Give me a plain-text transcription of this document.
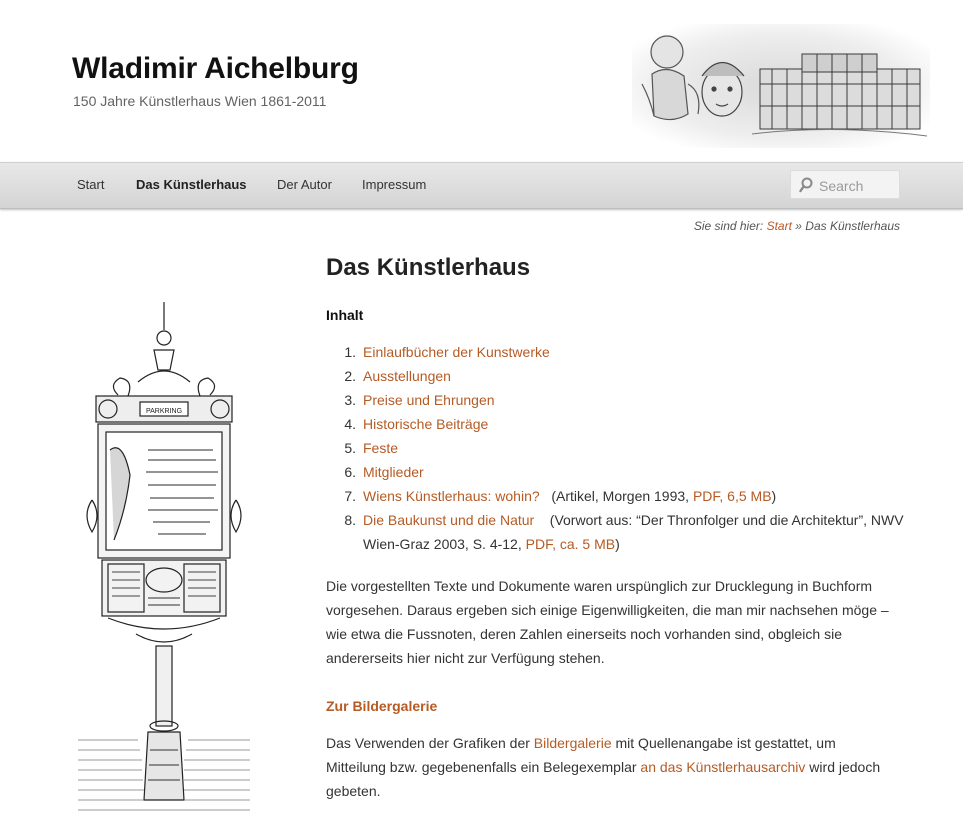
Wladimir Aichelburg
150 Jahre Künstlerhaus Wien 1861-2011
Start Das Künstlerhaus Der Autor Impressum
Search
Sie sind hier: Start » Das Künstlerhaus
PARKRING
Das Künstlerhaus
Inhalt
1. Einlaufbücher der Kunstwerke
2. Ausstellungen
3. Preise und Ehrungen
4. Historische Beiträge
5. Feste
6. Mitglieder
7. Wiens Künstlerhaus: wohin? (Artikel, Morgen 1993, PDF, 6,5 MB)
8. Die Baukunst und die Natur (Vorwort aus: “Der Thronfolger und die Architektur”, NWV Wien-Graz 2003, S. 4-12, PDF, ca. 5 MB)

Die vorgestellten Texte und Dokumente waren urspünglich zur Drucklegung in Buchform vorgesehen. Daraus ergeben sich einige Eigenwilligkeiten, die man mir nachsehen möge – wie etwa die Fussnoten, deren Zahlen einerseits noch vorhanden sind, obgleich sie andererseits hier nicht zur Verfügung stehen.

Zur Bildergalerie

Das Verwenden der Grafiken der Bildergalerie mit Quellenangabe ist gestattet, um Mitteilung bzw. gegebenenfalls ein Belegexemplar an das Künstlerhausarchiv wird jedoch gebeten.
